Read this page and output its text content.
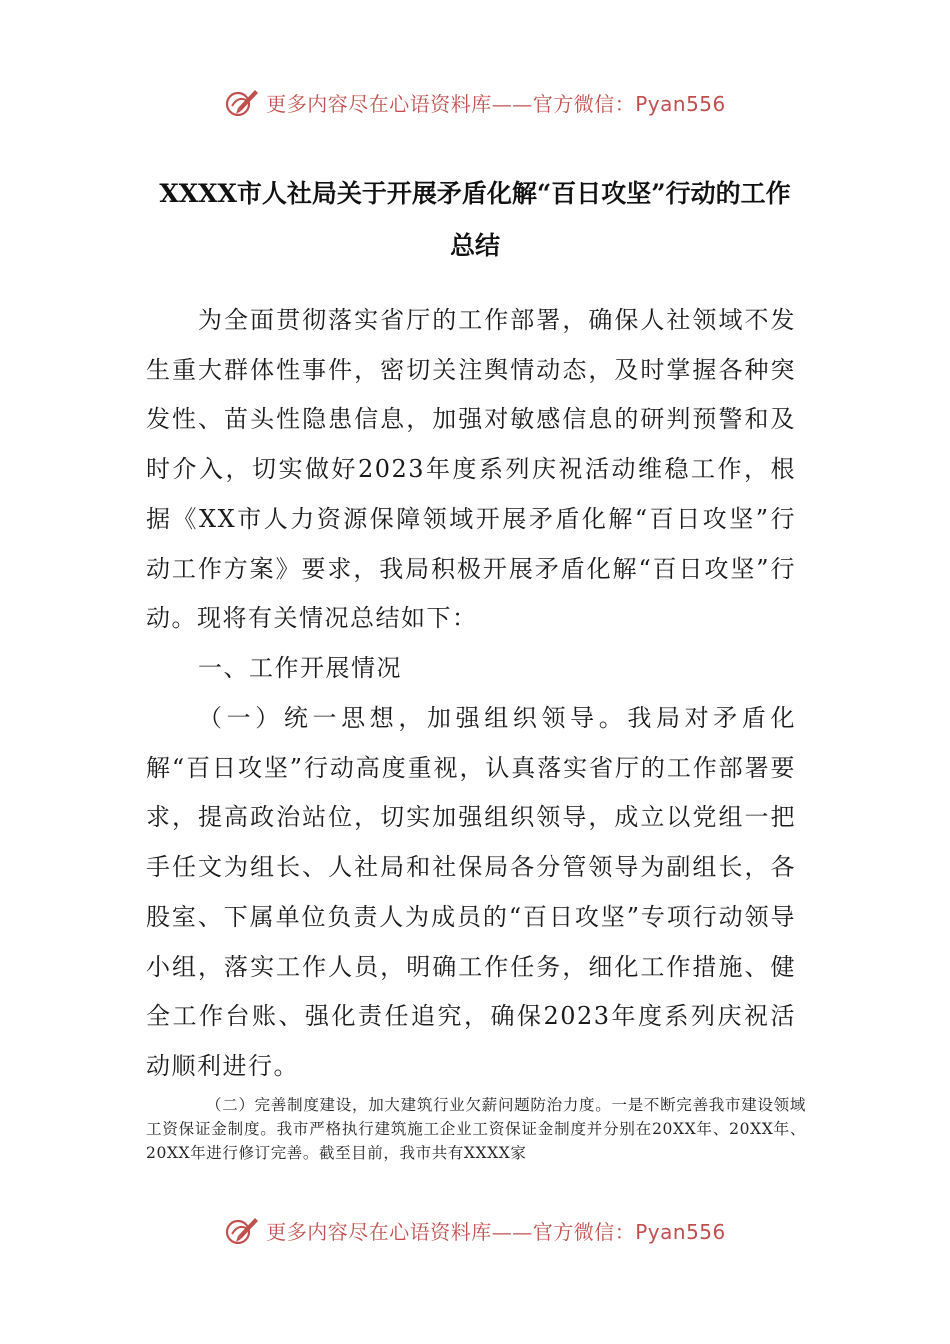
更多内容尽在心语资料库——官方微信：Pyan556
XXXX市人社局关于开展矛盾化解“百日攻坚”行动的工作
总结

为全面贯彻落实省厅的工作部署，确保人社领域不发生重大群体性事件，密切关注舆情动态，及时掌握各种突发性、苗头性隐患信息，加强对敏感信息的研判预警和及时介入，切实做好2023年度系列庆祝活动维稳工作，根据《XX市人力资源保障领域开展矛盾化解“百日攻坚”行动工作方案》要求，我局积极开展矛盾化解“百日攻坚”行动。现将有关情况总结如下：

一、工作开展情况

（一）统一思想，加强组织领导。我局对矛盾化解“百日攻坚”行动高度重视，认真落实省厅的工作部署要求，提高政治站位，切实加强组织领导，成立以党组一把手任文为组长、人社局和社保局各分管领导为副组长，各股室、下属单位负责人为成员的“百日攻坚”专项行动领导小组，落实工作人员，明确工作任务，细化工作措施、健全工作台账、强化责任追究，确保2023年度系列庆祝活动顺利进行。

（二）完善制度建设，加大建筑行业欠薪问题防治力度。一是不断完善我市建设领域工资保证金制度。我市严格执行建筑施工企业工资保证金制度并分别在20XX年、20XX年、20XX年进行修订完善。截至目前，我市共有XXXX家

更多内容尽在心语资料库——官方微信：Pyan556
